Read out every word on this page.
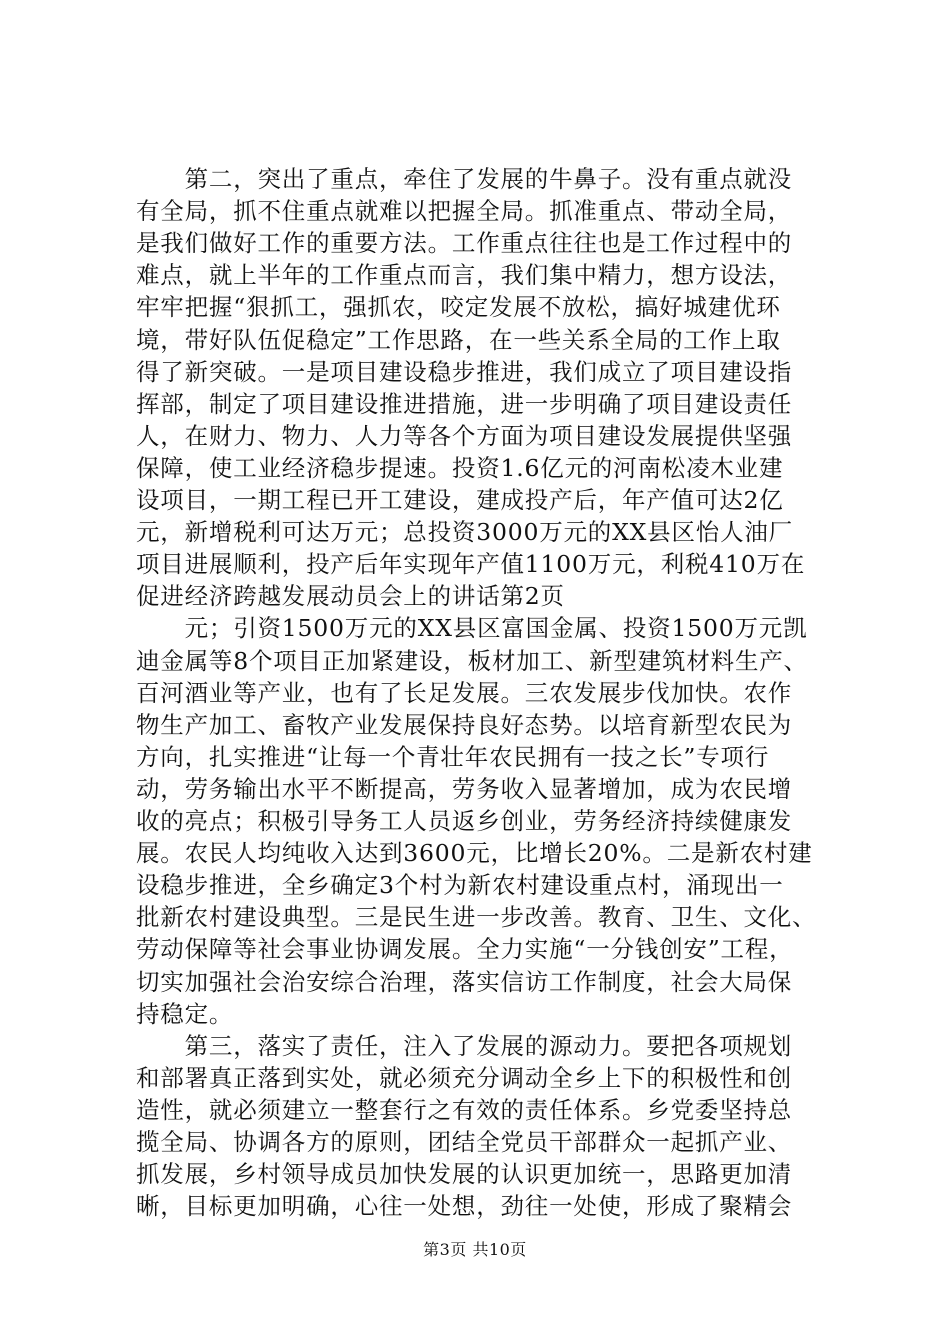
　　第二，突出了重点，牵住了发展的牛鼻子。没有重点就没
有全局，抓不住重点就难以把握全局。抓准重点、带动全局，
是我们做好工作的重要方法。工作重点往往也是工作过程中的
难点，就上半年的工作重点而言，我们集中精力，想方设法，
牢牢把握“狠抓工，强抓农，咬定发展不放松，搞好城建优环
境，带好队伍促稳定”工作思路，在一些关系全局的工作上取
得了新突破。一是项目建设稳步推进，我们成立了项目建设指
挥部，制定了项目建设推进措施，进一步明确了项目建设责任
人，在财力、物力、人力等各个方面为项目建设发展提供坚强
保障，使工业经济稳步提速。投资1.6亿元的河南松凌木业建
设项目，一期工程已开工建设，建成投产后，年产值可达2亿
元，新增税利可达万元；总投资3000万元的XX县区怡人油厂
项目进展顺利，投产后年实现年产值1100万元，利税410万在
促进经济跨越发展动员会上的讲话第2页
　　元；引资1500万元的XX县区富国金属、投资1500万元凯
迪金属等8个项目正加紧建设，板材加工、新型建筑材料生产、
百河酒业等产业，也有了长足发展。三农发展步伐加快。农作
物生产加工、畜牧产业发展保持良好态势。以培育新型农民为
方向，扎实推进“让每一个青壮年农民拥有一技之长”专项行
动，劳务输出水平不断提高，劳务收入显著增加，成为农民增
收的亮点；积极引导务工人员返乡创业，劳务经济持续健康发
展。农民人均纯收入达到3600元，比增长20%。二是新农村建
设稳步推进，全乡确定3个村为新农村建设重点村，涌现出一
批新农村建设典型。三是民生进一步改善。教育、卫生、文化、
劳动保障等社会事业协调发展。全力实施“一分钱创安”工程，
切实加强社会治安综合治理，落实信访工作制度，社会大局保
持稳定。
　　第三，落实了责任，注入了发展的源动力。要把各项规划
和部署真正落到实处，就必须充分调动全乡上下的积极性和创
造性，就必须建立一整套行之有效的责任体系。乡党委坚持总
揽全局、协调各方的原则，团结全党员干部群众一起抓产业、
抓发展，乡村领导成员加快发展的认识更加统一，思路更加清
晰，目标更加明确，心往一处想，劲往一处使，形成了聚精会
第3页 共10页
